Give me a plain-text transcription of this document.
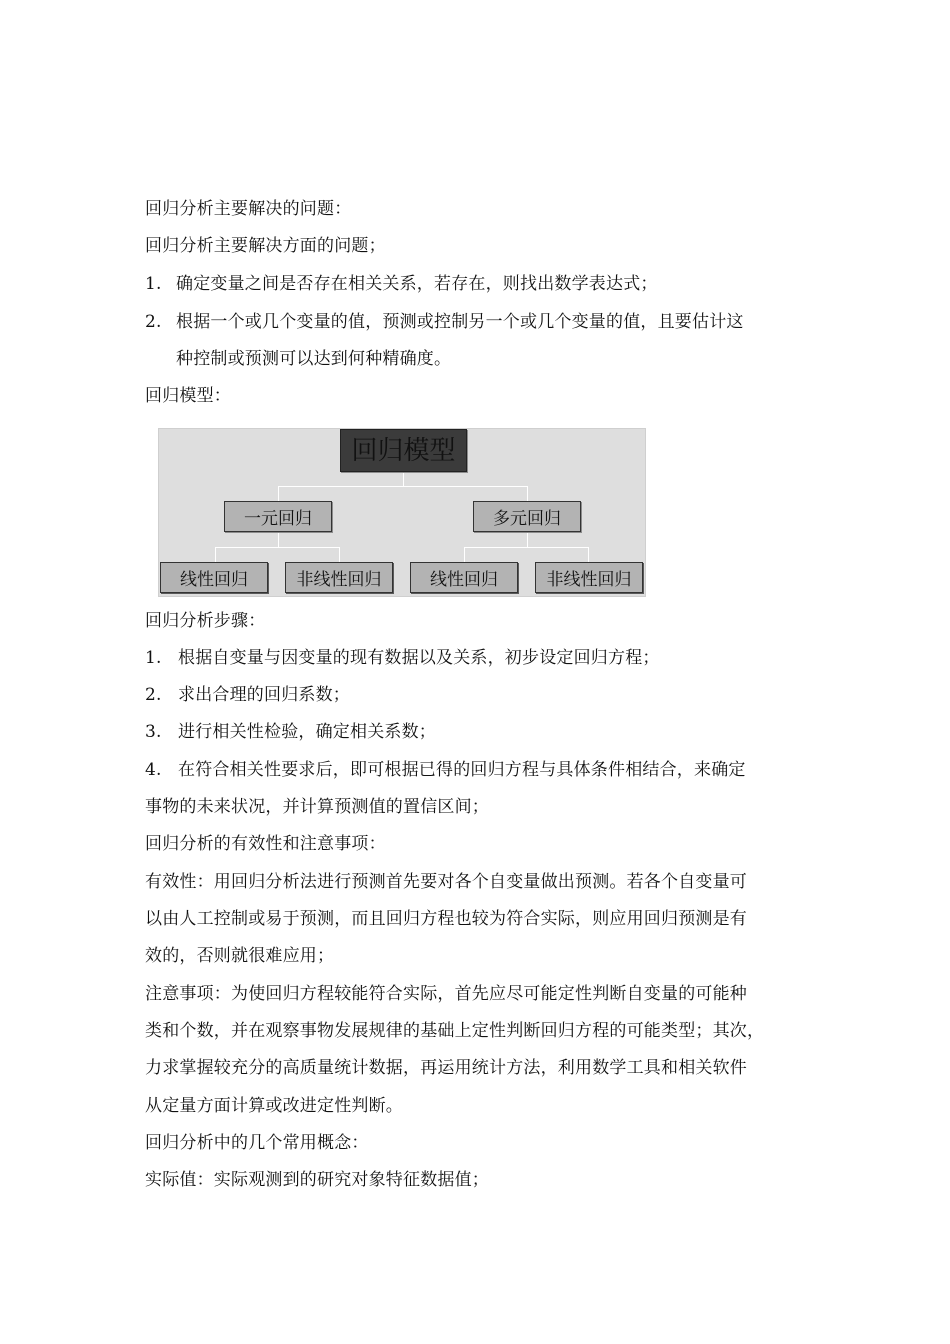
回归分析主要解决的问题：
回归分析主要解决方面的问题；
1. 确定变量之间是否存在相关关系，若存在，则找出数学表达式；
2. 根据一个或几个变量的值，预测或控制另一个或几个变量的值，且要估计这
种控制或预测可以达到何种精确度。
回归模型：
回归模型
一元回归	多元回归
线性回归	非线性回归	线性回归	非线性回归
回归分析步骤：
1. 根据自变量与因变量的现有数据以及关系，初步设定回归方程；
2. 求出合理的回归系数；
3. 进行相关性检验，确定相关系数；
4. 在符合相关性要求后，即可根据已得的回归方程与具体条件相结合，来确定
事物的未来状况，并计算预测值的置信区间；
回归分析的有效性和注意事项：
有效性：用回归分析法进行预测首先要对各个自变量做出预测。若各个自变量可
以由人工控制或易于预测，而且回归方程也较为符合实际，则应用回归预测是有
效的，否则就很难应用；
注意事项：为使回归方程较能符合实际，首先应尽可能定性判断自变量的可能种
类和个数，并在观察事物发展规律的基础上定性判断回归方程的可能类型；其次，
力求掌握较充分的高质量统计数据，再运用统计方法，利用数学工具和相关软件
从定量方面计算或改进定性判断。
回归分析中的几个常用概念：
实际值：实际观测到的研究对象特征数据值；
